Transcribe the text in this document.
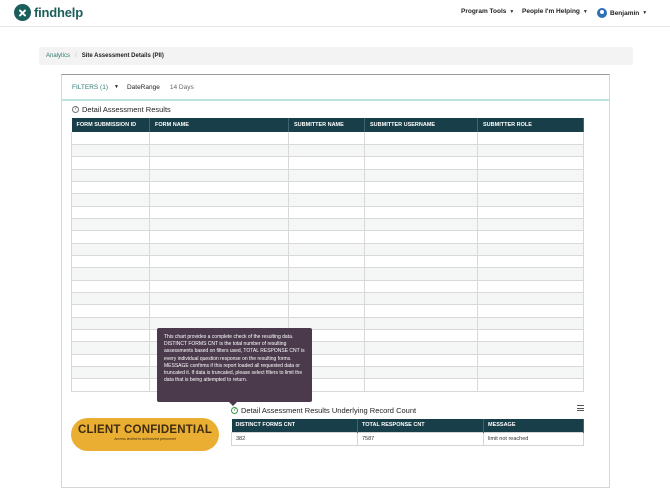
findhelp	Program Tools ▼ People I'm Helping ▼	Benjamin ▼
Analytics / Site Assessment Details (PII)
FILTERS (1) ▼ DateRange 14 Days
? Detail Assessment Results
FORM SUBMISSION ID	FORM NAME	SUBMITTER NAME	SUBMITTER USERNAME	SUBMITTER ROLE

? Detail Assessment Results Underlying Record Count
DISTINCT FORMS CNT	TOTAL RESPONSE CNT	MESSAGE
382	7587	limit not reached
CLIENT CONFIDENTIAL
Access limited to authorized personnel
This chart provides a complete check of the resulting data. DISTINCT FORMS CNT is the total number of resulting assessments based on filters used, TOTAL RESPONSE CNT is every individual question response on the resulting forms. MESSAGE confirms if this report loaded all requested data or truncated it. If data is truncated, please select filters to limit the data that is being attempted to return.
